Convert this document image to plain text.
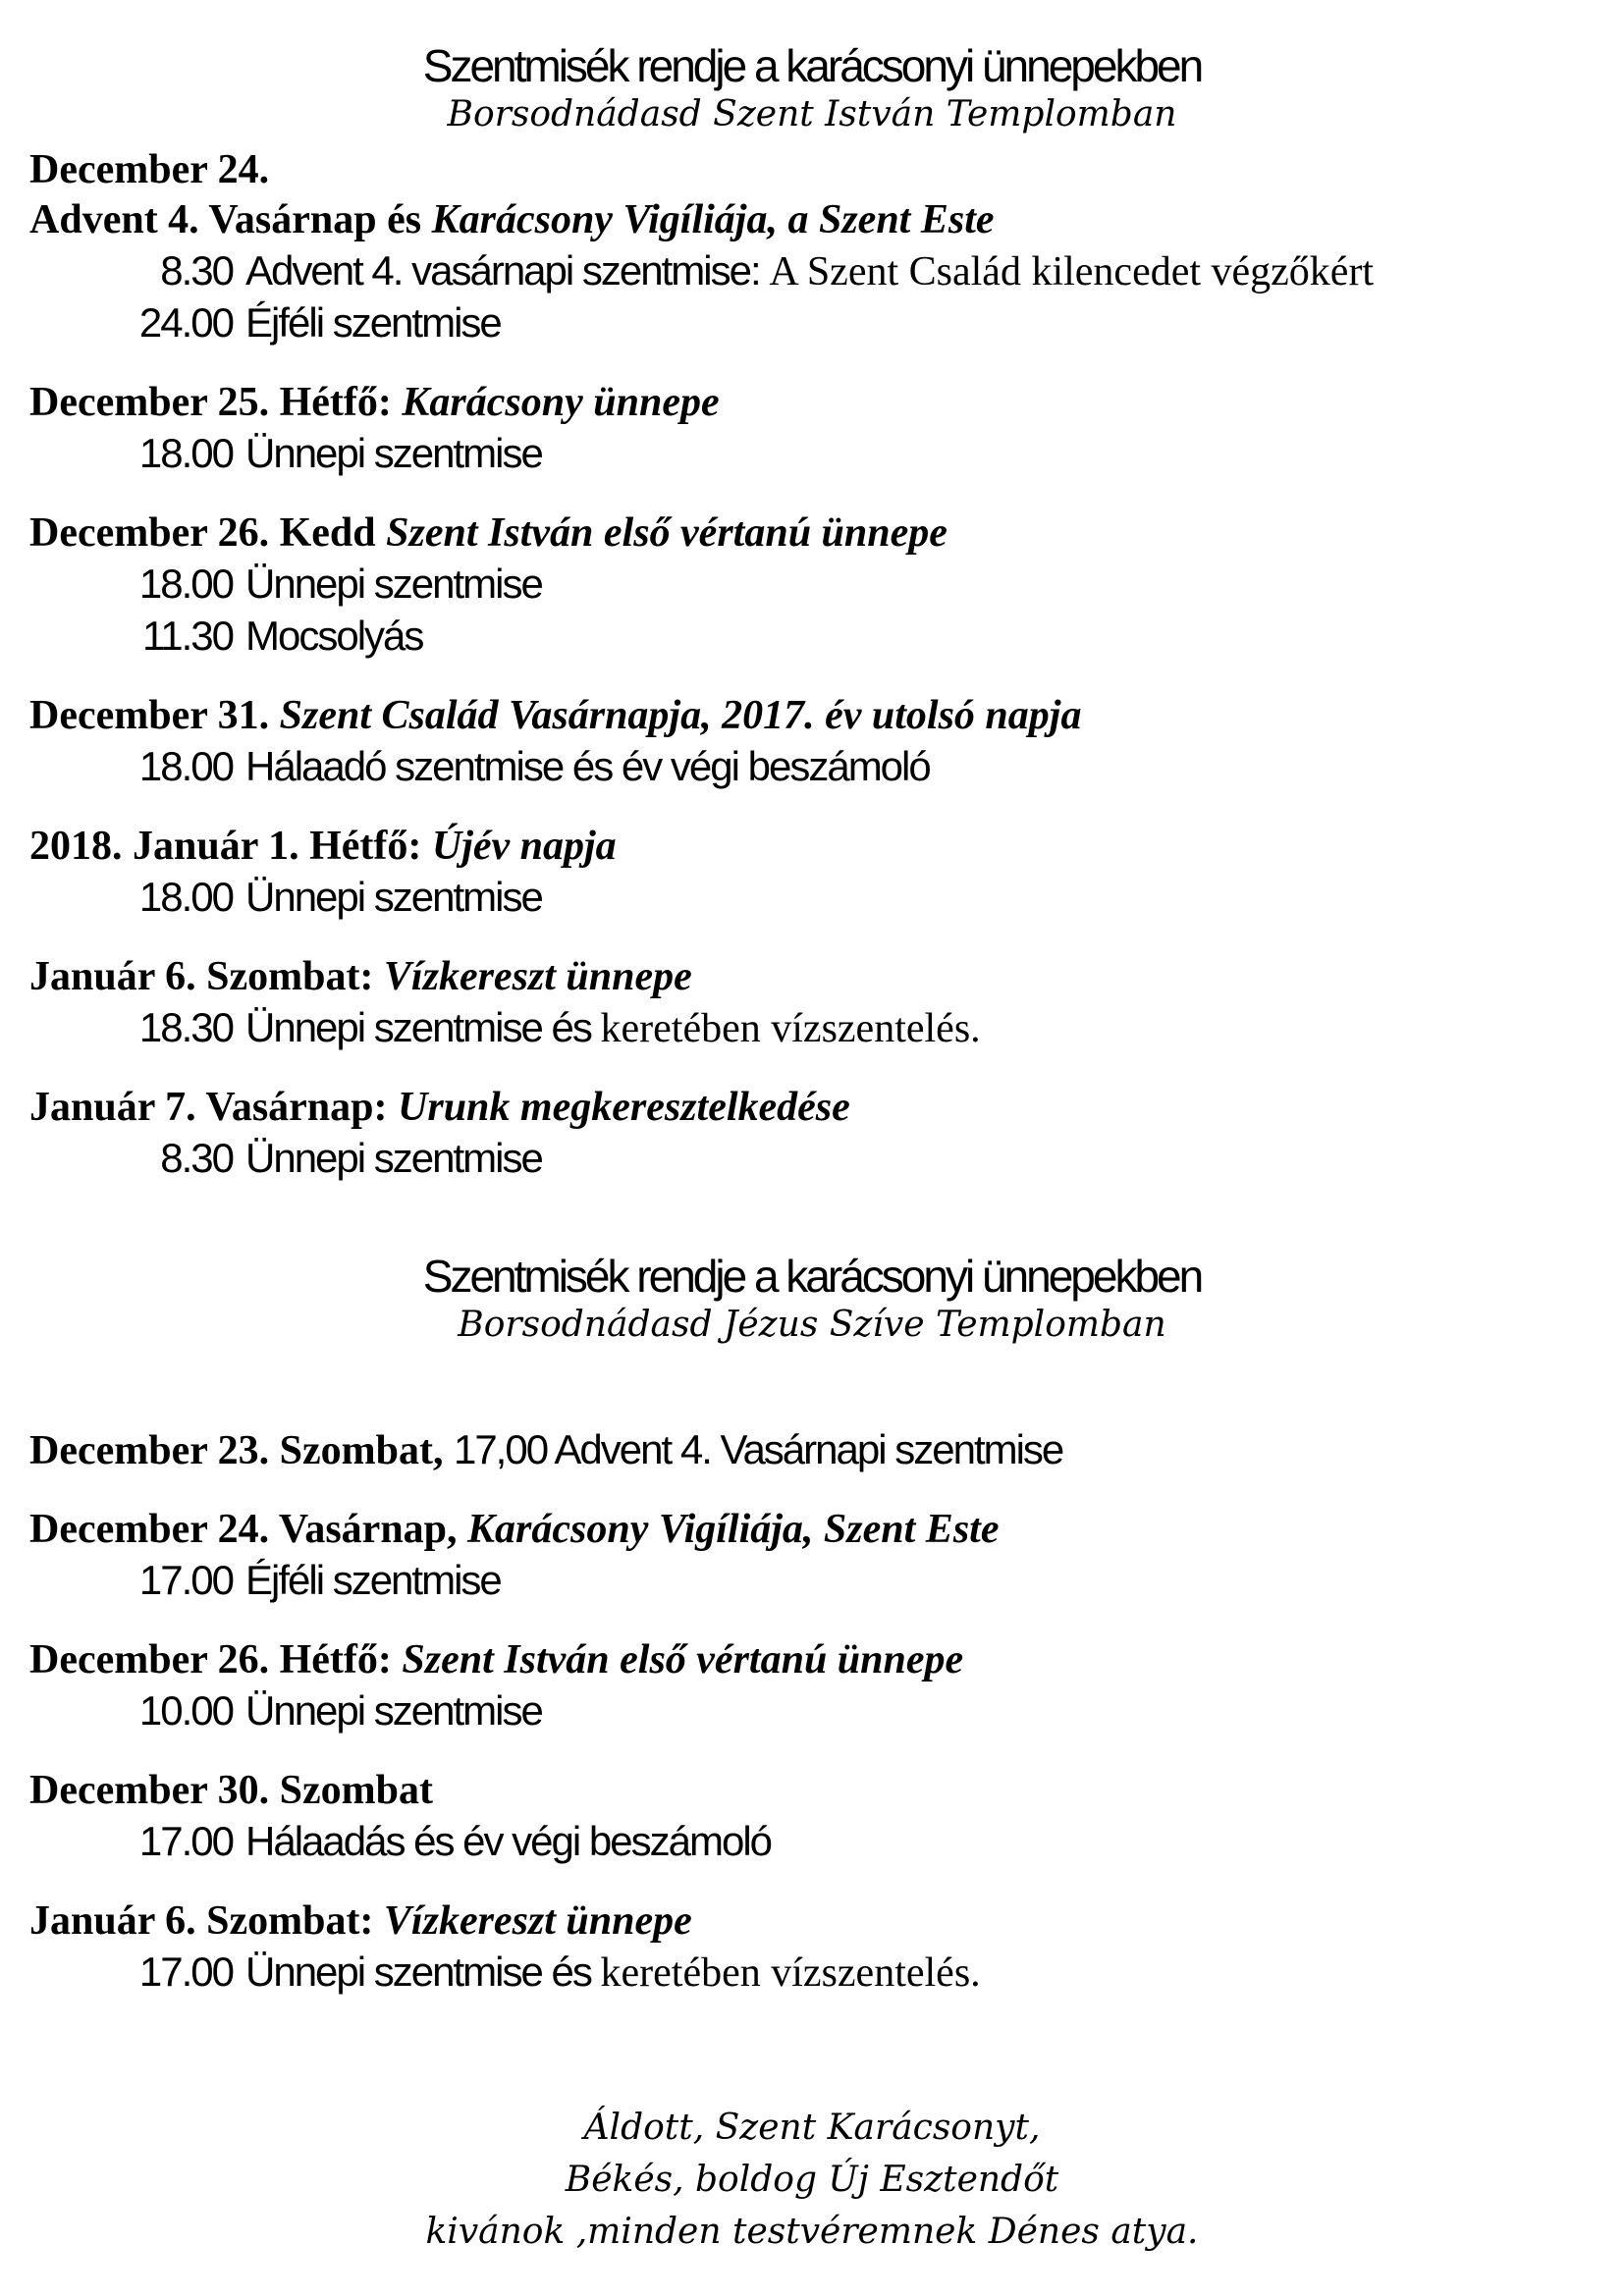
Szentmisék rendje a karácsonyi ünnepekben
Borsodnádasd Szent István Templomban

December 24.

Advent 4. Vasárnap és Karácsony Vigíliája, a Szent Este

8.30 Advent 4. vasárnapi szentmise: A Szent Család kilencedet végzőkért

24.00 Éjféli szentmise

December 25. Hétfő: Karácsony ünnepe

18.00 Ünnepi szentmise

December 26. Kedd Szent István első vértanú ünnepe

18.00 Ünnepi szentmise

11.30 Mocsolyás

December 31. Szent Család Vasárnapja, 2017. év utolsó napja

18.00 Hálaadó szentmise és év végi beszámoló

2018. Január 1. Hétfő: Újév napja

18.00 Ünnepi szentmise

Január 6. Szombat: Vízkereszt ünnepe

18.30 Ünnepi szentmise és keretében vízszentelés.

Január 7. Vasárnap: Urunk megkeresztelkedése

8.30 Ünnepi szentmise

Szentmisék rendje a karácsonyi ünnepekben
Borsodnádasd Jézus Szíve Templomban

December 23. Szombat, 17,00 Advent 4. Vasárnapi szentmise

December 24. Vasárnap, Karácsony Vigíliája, Szent Este

17.00 Éjféli szentmise

December 26. Hétfő: Szent István első vértanú ünnepe

10.00 Ünnepi szentmise

December 30. Szombat

17.00 Hálaadás és év végi beszámoló

Január 6. Szombat: Vízkereszt ünnepe

17.00 Ünnepi szentmise és keretében vízszentelés.

Áldott, Szent Karácsonyt,

Békés, boldog Új Esztendőt

kivánok ,minden testvéremnek Dénes atya.
